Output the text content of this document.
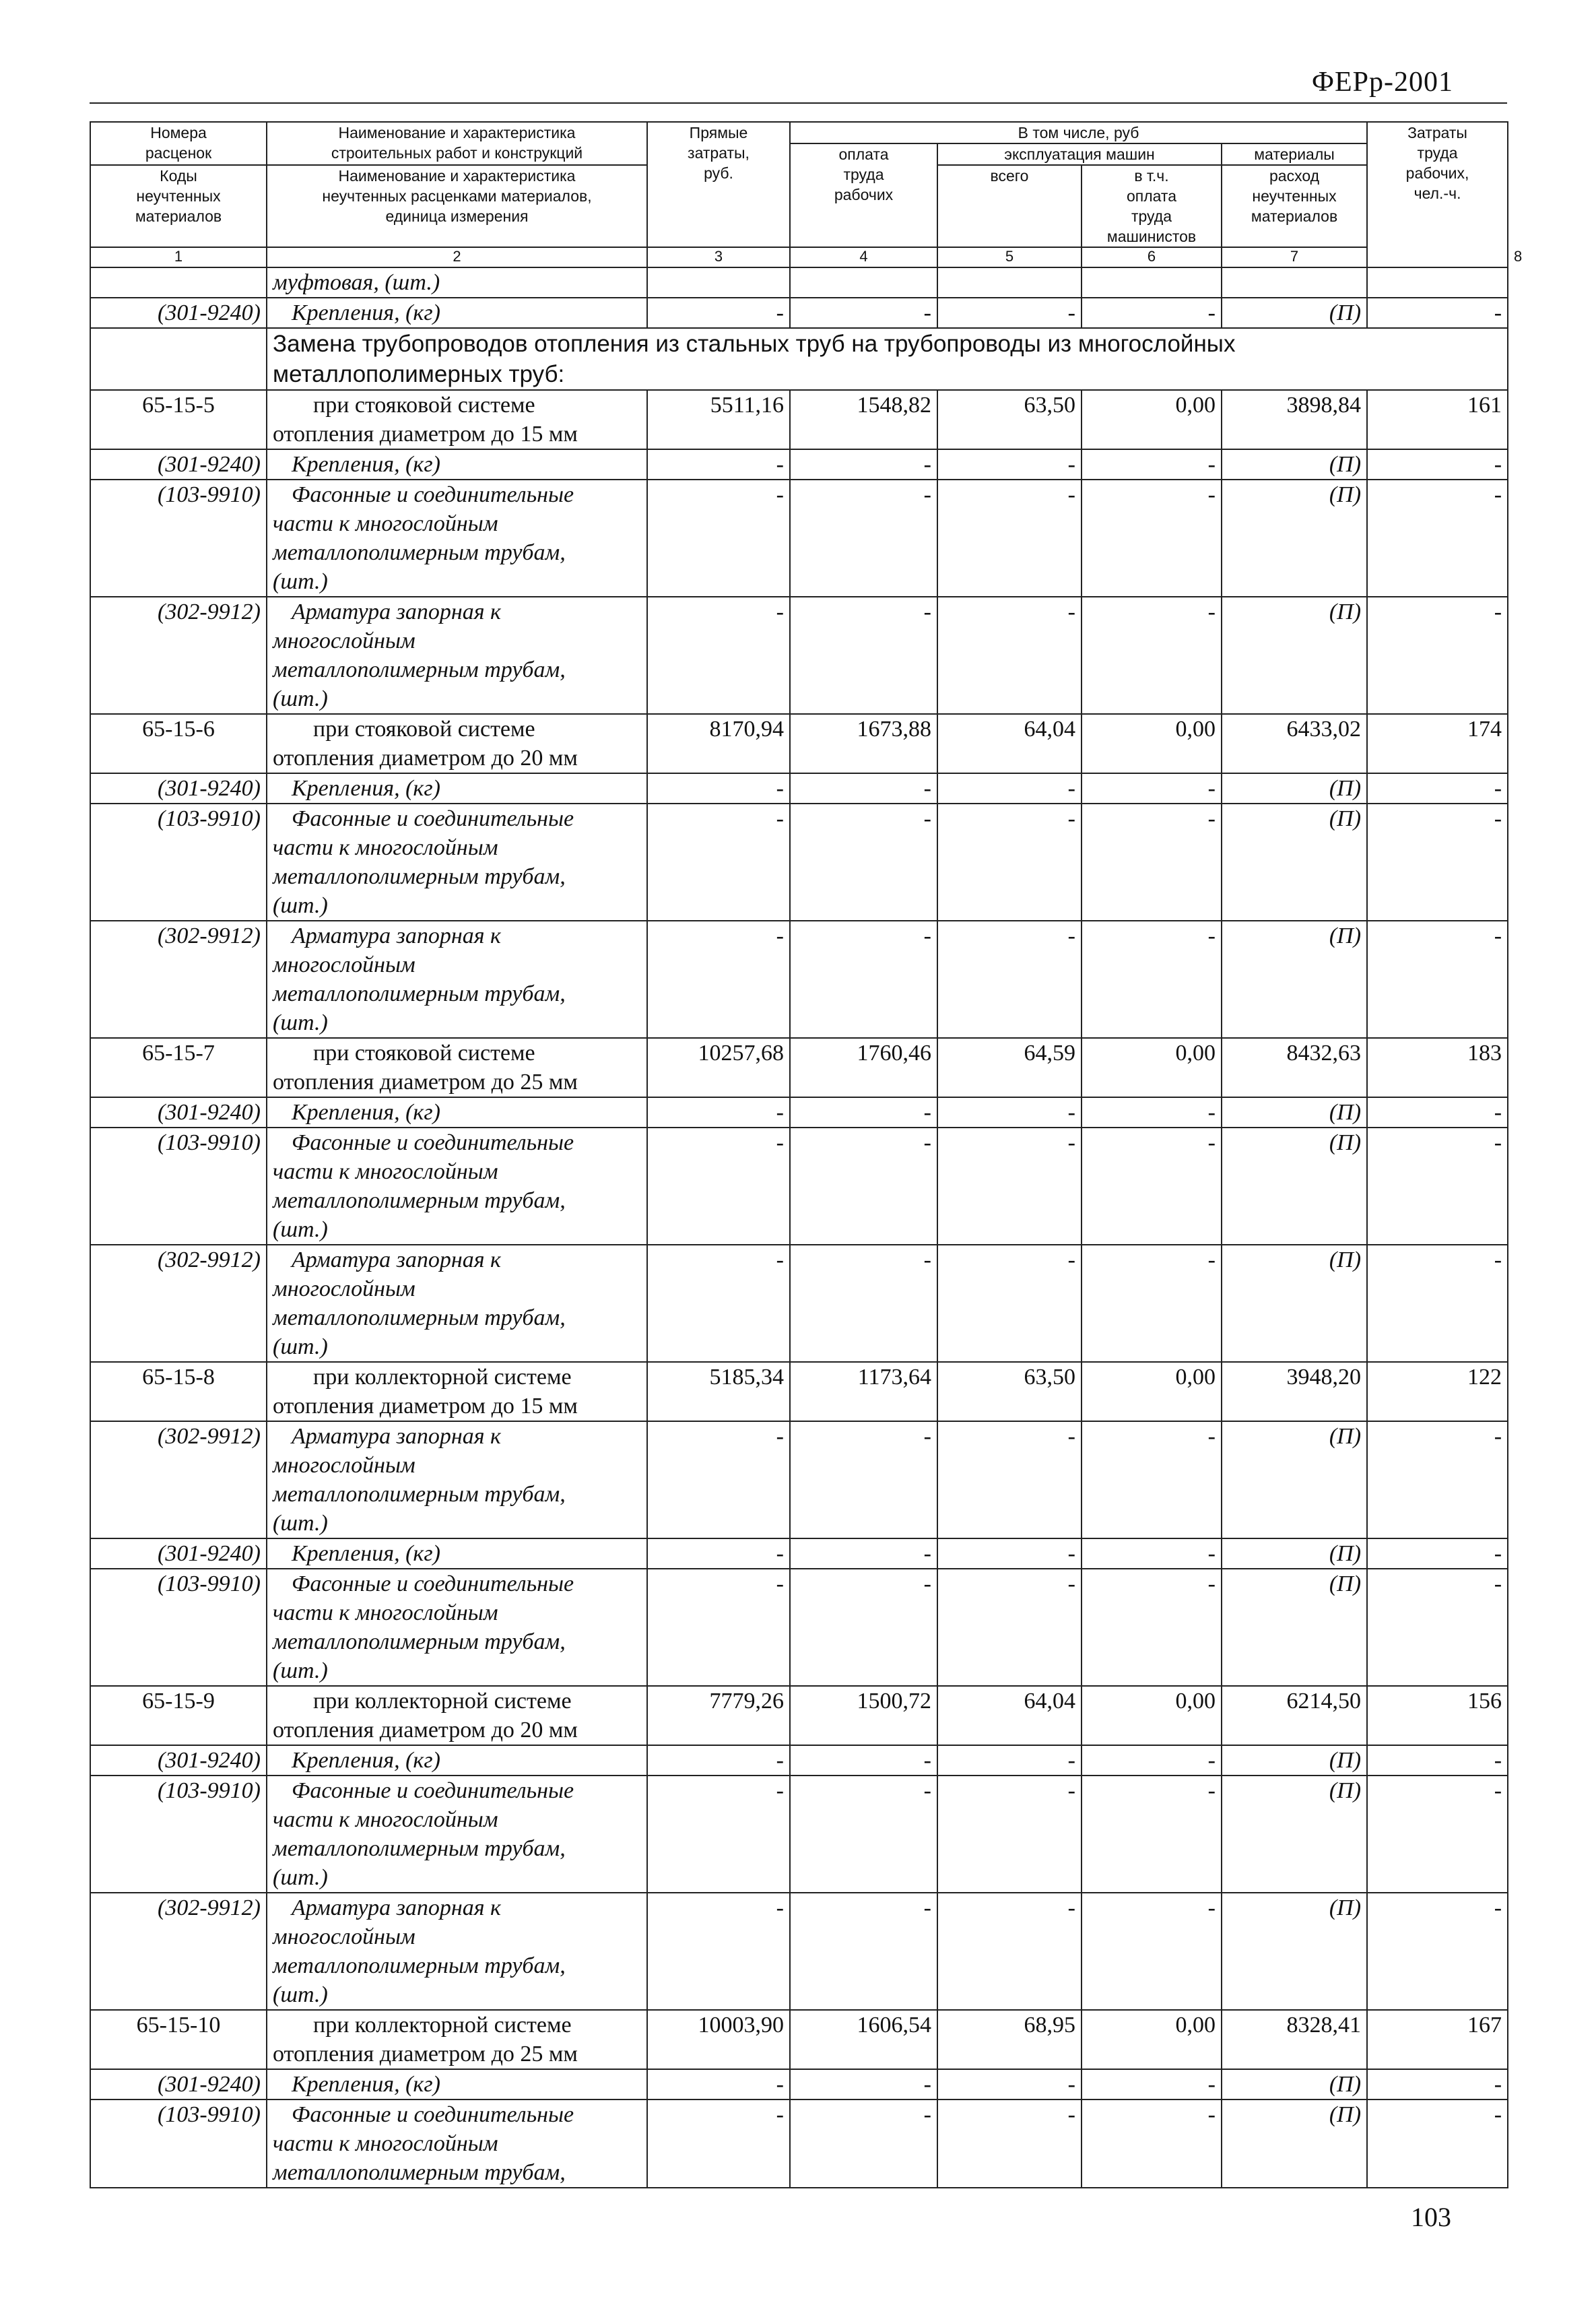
ФЕРр-2001
Номера
расценок	Наименование и характеристика
строительных работ и конструкций	Прямые
затраты,
руб.	В том числе, руб				Затраты
труда
рабочих,
чел.-ч.	

			оплата
труда
рабочих	эксплуатация машин		материалы		

Коды
неучтенных
материалов	Наименование и характеристика
неучтенных расценками материалов,
единица измерения			всего	в т.ч.
оплата
труда
машинистов	расход
неучтенных
материалов		

1	2	3	4	5	6	7		8

	муфтовая, (шт.)							

(301-9240)	Крепления, (кг)	-	-	-	-	(П)	-	

	Замена трубопроводов отопления из стальных труб на трубопроводы из многослойных
металлополимерных труб:							

65-15-5	при стояковой системе
отопления диаметром до 15 мм	5511,16	1548,82	63,50	0,00	3898,84	161	
(301-9240)	Крепления, (кг)	-	-	-	-	(П)	-	
(103-9910)	Фасонные и соединительные
части к многослойным
металлополимерным трубам,
(шт.)	-	-	-	-	(П)	-	
(302-9912)	Арматура запорная к
многослойным
металлополимерным трубам,
(шт.)	-	-	-	-	(П)	-	
65-15-6	при стояковой системе
отопления диаметром до 20 мм	8170,94	1673,88	64,04	0,00	6433,02	174	
(301-9240)	Крепления, (кг)	-	-	-	-	(П)	-	
(103-9910)	Фасонные и соединительные
части к многослойным
металлополимерным трубам,
(шт.)	-	-	-	-	(П)	-	
(302-9912)	Арматура запорная к
многослойным
металлополимерным трубам,
(шт.)	-	-	-	-	(П)	-	
65-15-7	при стояковой системе
отопления диаметром до 25 мм	10257,68	1760,46	64,59	0,00	8432,63	183	
(301-9240)	Крепления, (кг)	-	-	-	-	(П)	-	
(103-9910)	Фасонные и соединительные
части к многослойным
металлополимерным трубам,
(шт.)	-	-	-	-	(П)	-	
(302-9912)	Арматура запорная к
многослойным
металлополимерным трубам,
(шт.)	-	-	-	-	(П)	-	
65-15-8	при коллекторной системе
отопления диаметром до 15 мм	5185,34	1173,64	63,50	0,00	3948,20	122	
(302-9912)	Арматура запорная к
многослойным
металлополимерным трубам,
(шт.)	-	-	-	-	(П)	-	
(301-9240)	Крепления, (кг)	-	-	-	-	(П)	-	
(103-9910)	Фасонные и соединительные
части к многослойным
металлополимерным трубам,
(шт.)	-	-	-	-	(П)	-	
65-15-9	при коллекторной системе
отопления диаметром до 20 мм	7779,26	1500,72	64,04	0,00	6214,50	156	
(301-9240)	Крепления, (кг)	-	-	-	-	(П)	-	
(103-9910)	Фасонные и соединительные
части к многослойным
металлополимерным трубам,
(шт.)	-	-	-	-	(П)	-	
(302-9912)	Арматура запорная к
многослойным
металлополимерным трубам,
(шт.)	-	-	-	-	(П)	-	
65-15-10	при коллекторной системе
отопления диаметром до 25 мм	10003,90	1606,54	68,95	0,00	8328,41	167	
(301-9240)	Крепления, (кг)	-	-	-	-	(П)	-	
(103-9910)	Фасонные и соединительные
части к многослойным
металлополимерным трубам,	-	-	-	-	(П)	-	
103
